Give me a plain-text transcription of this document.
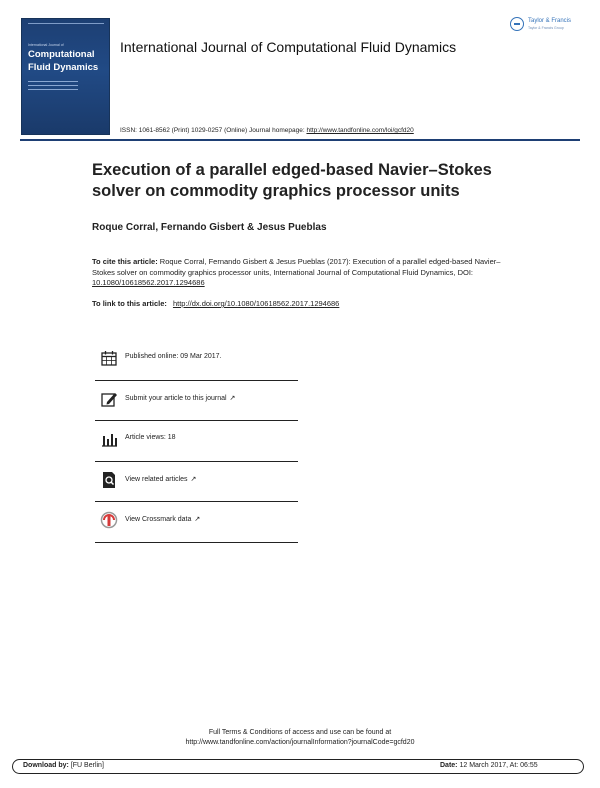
International Journal of
Computational
Fluid Dynamics
International Journal of Computational Fluid Dynamics
Taylor & Francis
Taylor & Francis Group
ISSN: 1061-8562 (Print) 1029-0257 (Online) Journal homepage: http://www.tandfonline.com/loi/gcfd20
Execution of a parallel edged-based Navier–Stokes solver on commodity graphics processor units
Roque Corral, Fernando Gisbert & Jesus Pueblas
To cite this article: Roque Corral, Fernando Gisbert & Jesus Pueblas (2017): Execution of a parallel edged-based Navier–Stokes solver on commodity graphics processor units, International Journal of Computational Fluid Dynamics, DOI: 10.1080/10618562.2017.1294686
To link to this article: http://dx.doi.org/10.1080/10618562.2017.1294686
Published online: 09 Mar 2017.
Submit your article to this journal ↗
Article views: 18
View related articles ↗
View Crossmark data ↗
Full Terms & Conditions of access and use can be found at
http://www.tandfonline.com/action/journalInformation?journalCode=gcfd20
Download by: [FU Berlin]	Date: 12 March 2017, At: 06:55
